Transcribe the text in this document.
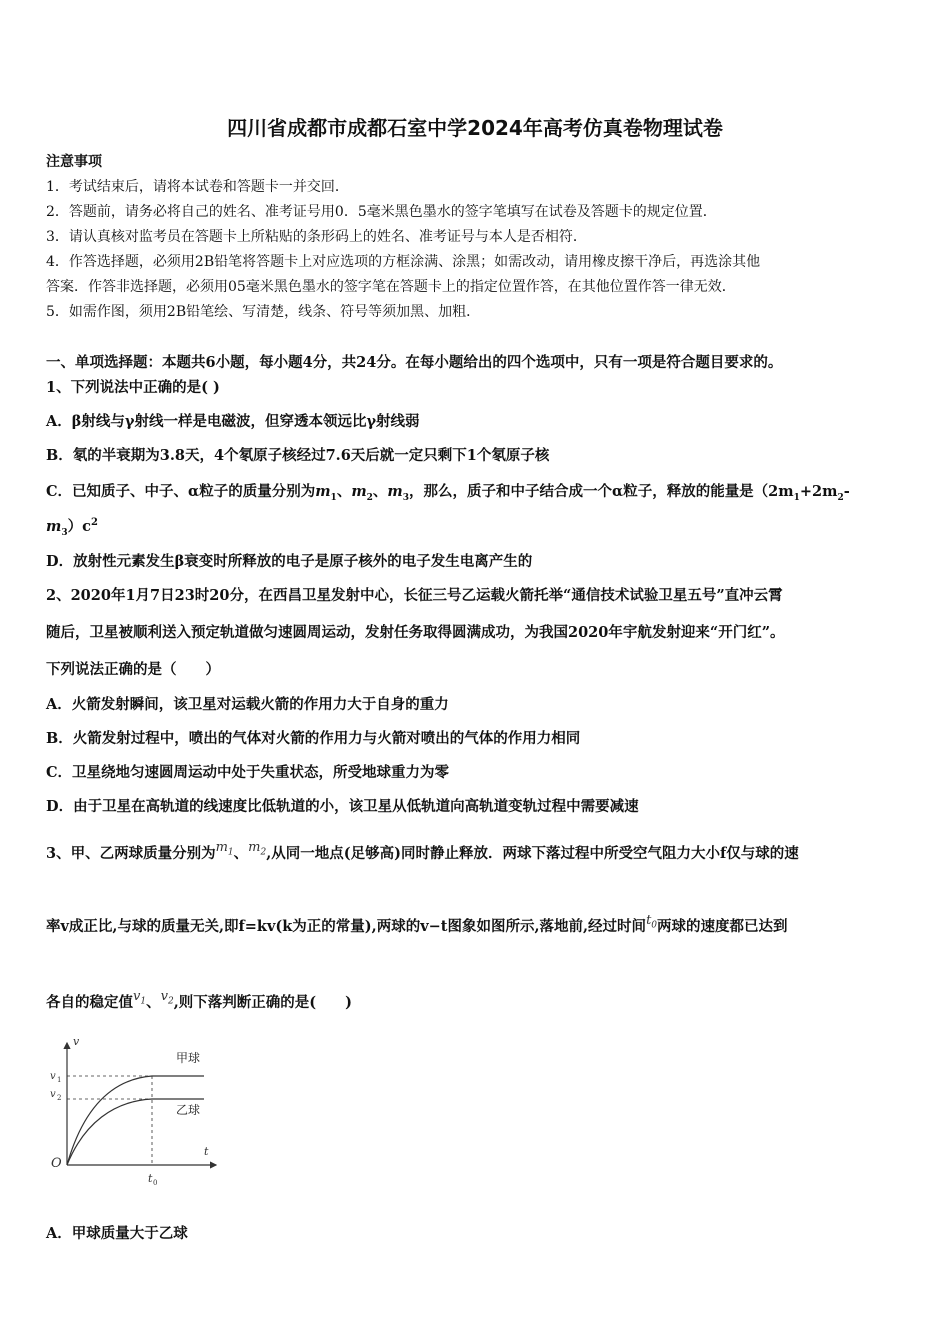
四川省成都市成都石室中学2024年高考仿真卷物理试卷
注意事项
1．考试结束后，请将本试卷和答题卡一并交回．
2．答题前，请务必将自己的姓名、准考证号用0．5毫米黑色墨水的签字笔填写在试卷及答题卡的规定位置．
3．请认真核对监考员在答题卡上所粘贴的条形码上的姓名、准考证号与本人是否相符．
4．作答选择题，必须用2B铅笔将答题卡上对应选项的方框涂满、涂黑；如需改动，请用橡皮擦干净后，再选涂其他
答案．作答非选择题，必须用05毫米黑色墨水的签字笔在答题卡上的指定位置作答，在其他位置作答一律无效．
5．如需作图，须用2B铅笔绘、写清楚，线条、符号等须加黑、加粗．
一、单项选择题：本题共6小题，每小题4分，共24分。在每小题给出的四个选项中，只有一项是符合题目要求的。
1、下列说法中正确的是( )
A．β射线与γ射线一样是电磁波，但穿透本领远比γ射线弱
B．氡的半衰期为3.8天，4个氡原子核经过7.6天后就一定只剩下1个氡原子核
C．已知质子、中子、α粒子的质量分别为$m_1$、$m_2$、$m_3$，那么，质子和中子结合成一个α粒子，释放的能量是（$2m_1+2m_2-$
$m_3)c^2$
D．放射性元素发生β衰变时所释放的电子是原子核外的电子发生电离产生的
2、2020年1月7日23时20分，在西昌卫星发射中心，长征三号乙运载火箭托举“通信技术试验卫星五号”直冲云霄
随后，卫星被顺利送入预定轨道做匀速圆周运动，发射任务取得圆满成功，为我国2020年宇航发射迎来“开门红”。
下列说法正确的是（　　）
A．火箭发射瞬间，该卫星对运载火箭的作用力大于自身的重力
B．火箭发射过程中，喷出的气体对火箭的作用力与火箭对喷出的气体的作用力相同
C．卫星绕地匀速圆周运动中处于失重状态，所受地球重力为零
D．由于卫星在高轨道的线速度比低轨道的小，该卫星从低轨道向高轨道变轨过程中需要减速
3、甲、乙两球质量分别为$m_1$、$m_2$,从同一地点(足够高)同时静止释放．两球下落过程中所受空气阻力大小f仅与球的速
率v成正比,与球的质量无关,即f=kv(k为正的常量),两球的v−t图象如图所示,落地前,经过时间$t_0$两球的速度都已达到
各自的稳定值$v_1$、$v_2$,则下落判断正确的是(　　)
v
t
O
v 1
v 2
t 0
甲球
乙球
A．甲球质量大于乙球
